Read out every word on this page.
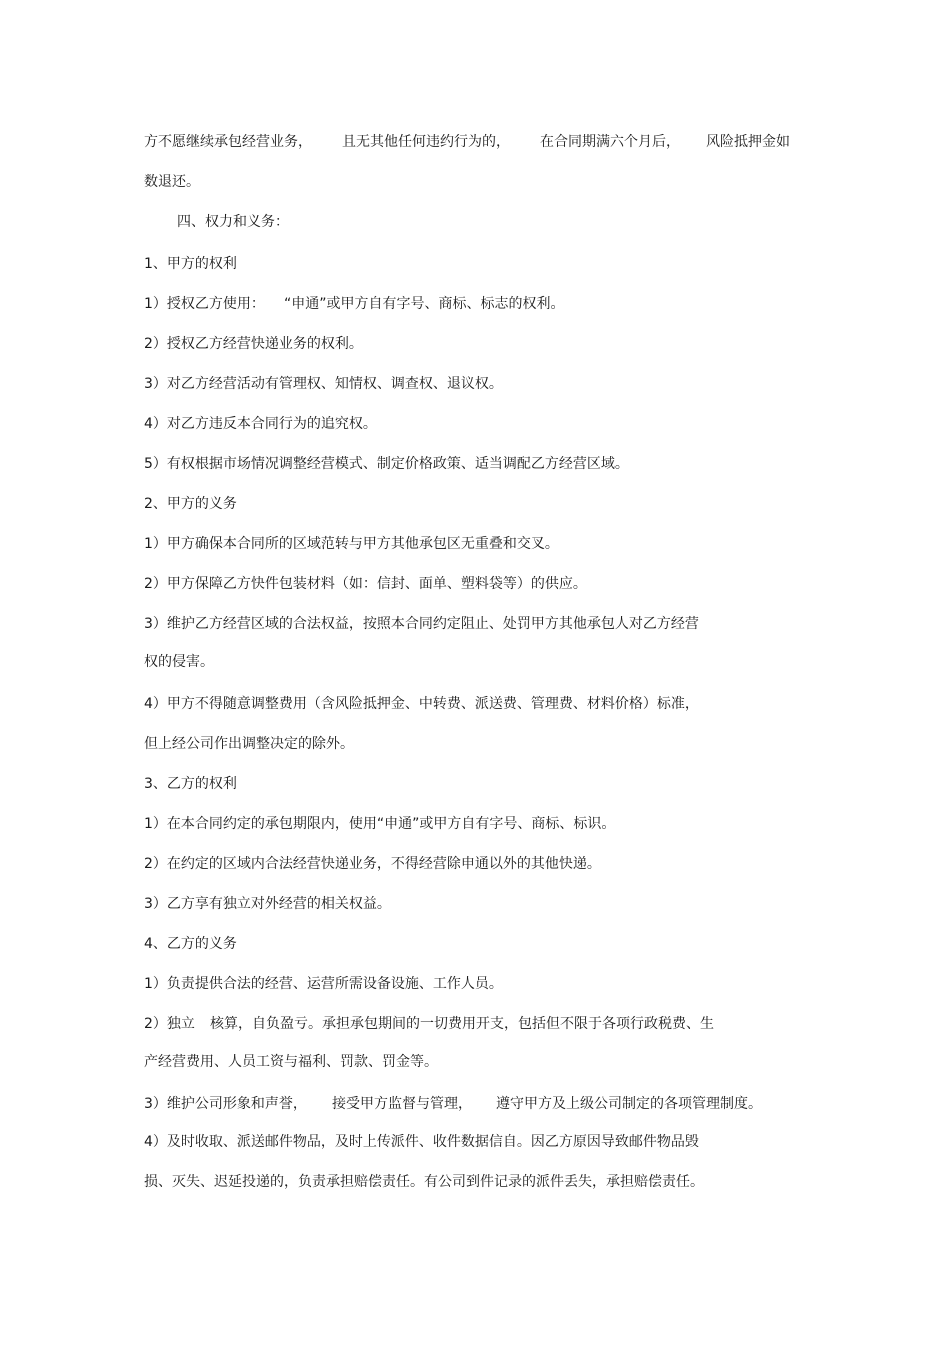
方不愿继续承包经营业务， 且无其他任何违约行为的， 在合同期满六个月后， 风险抵押金如
数退还。
四、权力和义务：
1、甲方的权利
1）授权乙方使用： “申通”或甲方自有字号、商标、标志的权利。
2）授权乙方经营快递业务的权利。
3）对乙方经营活动有管理权、知情权、调查权、退议权。
4）对乙方违反本合同行为的追究权。
5）有权根据市场情况调整经营模式、制定价格政策、适当调配乙方经营区域。
2、甲方的义务
1）甲方确保本合同所的区域范转与甲方其他承包区无重叠和交叉。
2）甲方保障乙方快件包装材料（如：信封、面单、塑料袋等）的供应。
3）维护乙方经营区域的合法权益，按照本合同约定阻止、处罚甲方其他承包人对乙方经营
权的侵害。
4）甲方不得随意调整费用（含风险抵押金、中转费、派送费、管理费、材料价格）标准，
但上经公司作出调整决定的除外。
3、乙方的权利
1）在本合同约定的承包期限内，使用“申通”或甲方自有字号、商标、标识。
2）在约定的区域内合法经营快递业务，不得经营除申通以外的其他快递。
3）乙方享有独立对外经营的相关权益。
4、乙方的义务
1）负责提供合法的经营、运营所需设备设施、工作人员。
2）独立 核算，自负盈亏。承担承包期间的一切费用开支，包括但不限于各项行政税费、生
产经营费用、人员工资与福利、罚款、罚金等。
3）维护公司形象和声誉， 接受甲方监督与管理， 遵守甲方及上级公司制定的各项管理制度。
4）及时收取、派送邮件物品，及时上传派件、收件数据信自。因乙方原因导致邮件物品毁
损、灭失、迟延投递的，负责承担赔偿责任。有公司到件记录的派件丢失，承担赔偿责任。
